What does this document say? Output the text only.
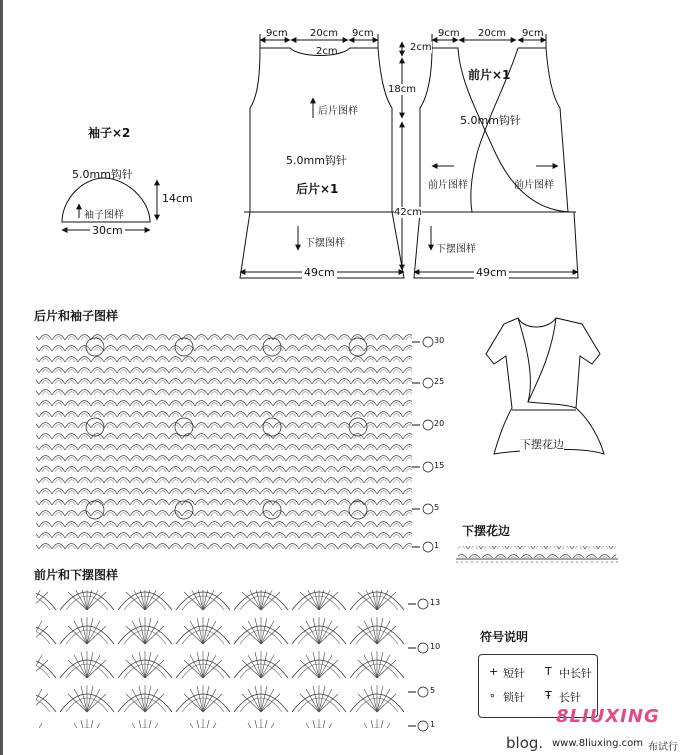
袖子×2
5.0mm钩针
袖子图样
14cm
30cm
9cm 20cm 9cm
2cm
后片图样
5.0mm钩针
后片×1
下摆图样
49cm
2cm
18cm
42cm
9cm 20cm 9cm
前片×1
5.0mm钩针
前片图样	前片图样
下摆图样
49cm
后片和袖子图样
30
25
20
15
5
1
下摆花边
下摆花边
前片和下摆图样
13
10
5
1
符号说明
+ 短针 T 中长针
∘ 锁针 Ŧ 长针
8LIUXING
blog. www.8liuxing.com 布试行
